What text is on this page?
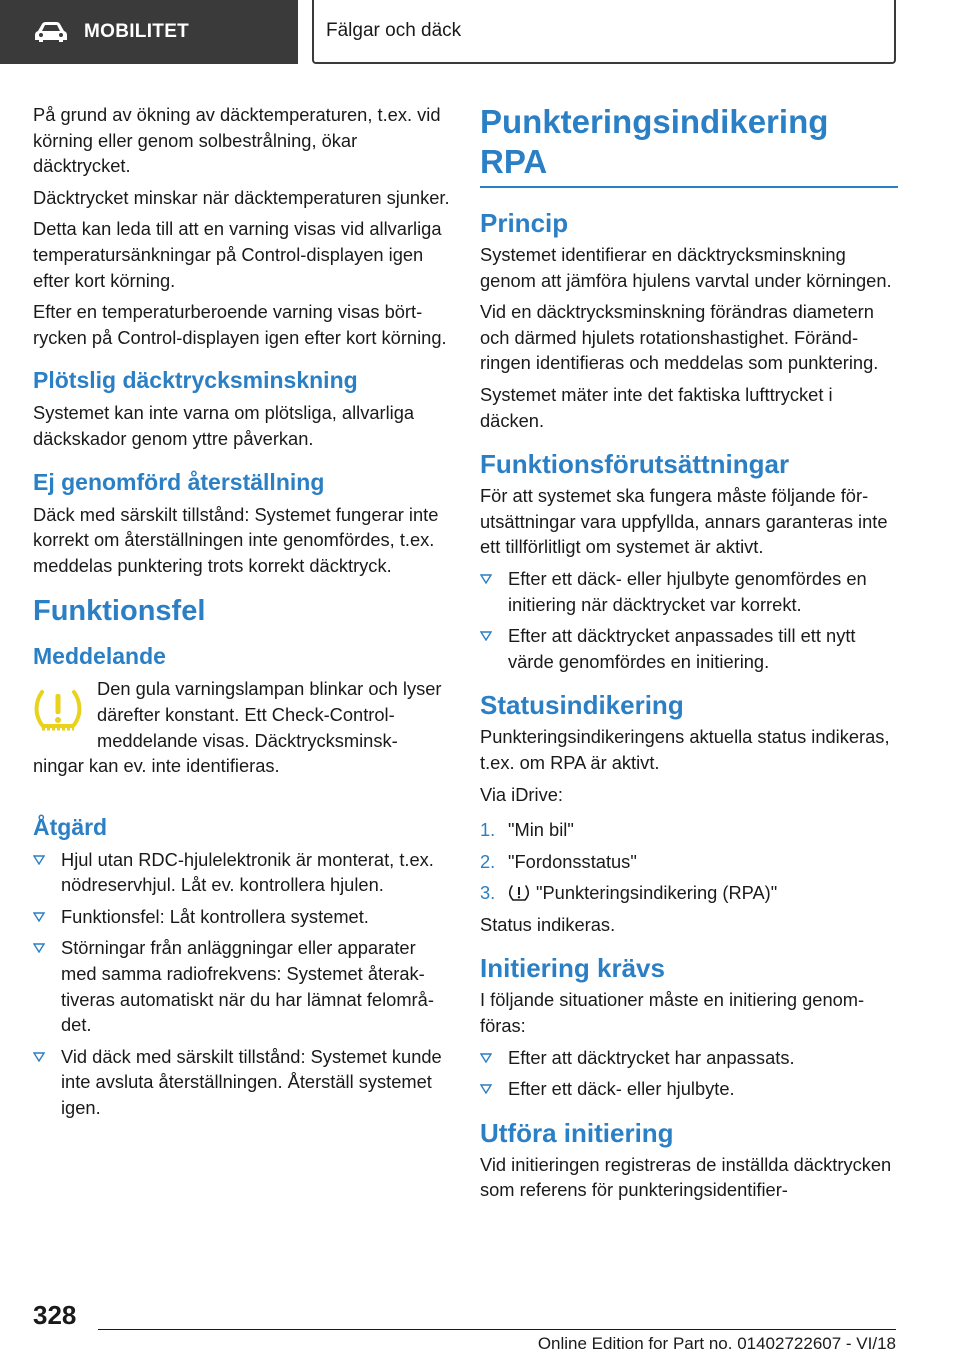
MOBILITET	Fälgar och däck

På grund av ökning av däcktemperaturen, t.ex. vid körning eller genom solbestrålning, ökar däcktrycket.

Däcktrycket minskar när däcktemperaturen sjunker.

Detta kan leda till att en varning visas vid allvarliga temperatursänkningar på Control-displayen igen efter kort körning.

Efter en temperaturberoende varning visas börtrycken på Control-displayen igen efter kort körning.

Plötslig däcktrycksminskning

Systemet kan inte varna om plötsliga, allvarliga däckskador genom yttre påverkan.

Ej genomförd återställning

Däck med särskilt tillstånd: Systemet fungerar inte korrekt om återställningen inte genomfördes, t.ex. meddelas punktering trots korrekt däcktryck.

Funktionsfel
Meddelande
Den gula varningslampan blinkar och lyser därefter konstant. Ett Check-Control-meddelande visas. Däcktrycksminsk-

ningar kan ev. inte identifieras.

Åtgärd
Hjul utan RDC-hjulelektronik är monterat, t.ex. nödreservhjul. Låt ev. kontrollera hjulen.
Funktionsfel: Låt kontrollera systemet.
Störningar från anläggningar eller apparater med samma radiofrekvens: Systemet återaktiveras automatiskt när du har lämnat felområdet.
Vid däck med särskilt tillstånd: Systemet kunde inte avsluta återställningen. Återställ systemet igen.
Punkteringsindikering RPA
Princip

Systemet identifierar en däcktrycksminskning genom att jämföra hjulens varvtal under körningen.

Vid en däcktrycksminskning förändras diametern och därmed hjulets rotationshastighet. Förändringen identifieras och meddelas som punktering.

Systemet mäter inte det faktiska lufttrycket i däcken.

Funktionsförutsättningar

För att systemet ska fungera måste följande förutsättningar vara uppfyllda, annars garanteras inte ett tillförlitligt om systemet är aktivt.

Efter ett däck- eller hjulbyte genomfördes en initiering när däcktrycket var korrekt.
Efter att däcktrycket anpassades till ett nytt värde genomfördes en initiering.
Statusindikering

Punkteringsindikeringens aktuella status indikeras, t.ex. om RPA är aktivt.

Via iDrive:

1. "Min bil"
2. "Fordonsstatus"
3. "Punkteringsindikering (RPA)"

Status indikeras.

Initiering krävs

I följande situationer måste en initiering genomföras:

Efter att däcktrycket har anpassats.
Efter ett däck- eller hjulbyte.
Utföra initiering

Vid initieringen registreras de inställda däcktrycken som referens för punkteringsidentifier-

328
Online Edition for Part no. 01402722607 - VI/18
